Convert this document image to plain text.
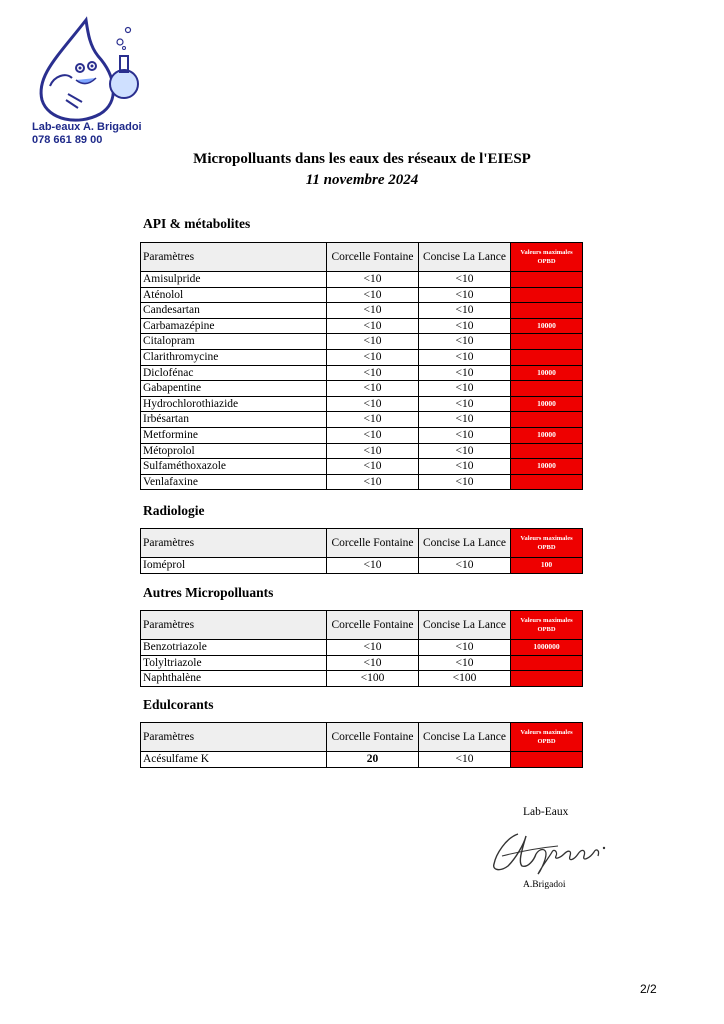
Lab-eaux A. Brigadoi
078 661 89 00
Micropolluants dans les eaux des réseaux de l'EIESP
11 novembre 2024
API & métabolites
Paramètres	Corcelle Fontaine	Concise La Lance	Valeurs maximales OPBD
Amisulpride	<10	<10	
Aténolol	<10	<10	
Candesartan	<10	<10	
Carbamazépine	<10	<10	10000
Citalopram	<10	<10	
Clarithromycine	<10	<10	
Diclofénac	<10	<10	10000
Gabapentine	<10	<10	
Hydrochlorothiazide	<10	<10	10000
Irbésartan	<10	<10	
Metformine	<10	<10	10000
Métoprolol	<10	<10	
Sulfaméthoxazole	<10	<10	10000
Venlafaxine	<10	<10	
Radiologie
Paramètres	Corcelle Fontaine	Concise La Lance	Valeurs maximales OPBD
Ioméprol	<10	<10	100
Autres Micropolluants
Paramètres	Corcelle Fontaine	Concise La Lance	Valeurs maximales OPBD
Benzotriazole	<10	<10	1000000
Tolyltriazole	<10	<10	
Naphthalène	<100	<100	
Edulcorants
Paramètres	Corcelle Fontaine	Concise La Lance	Valeurs maximales OPBD
Acésulfame K	20	<10	
Lab-Eaux
A.Brigadoi
2/2
